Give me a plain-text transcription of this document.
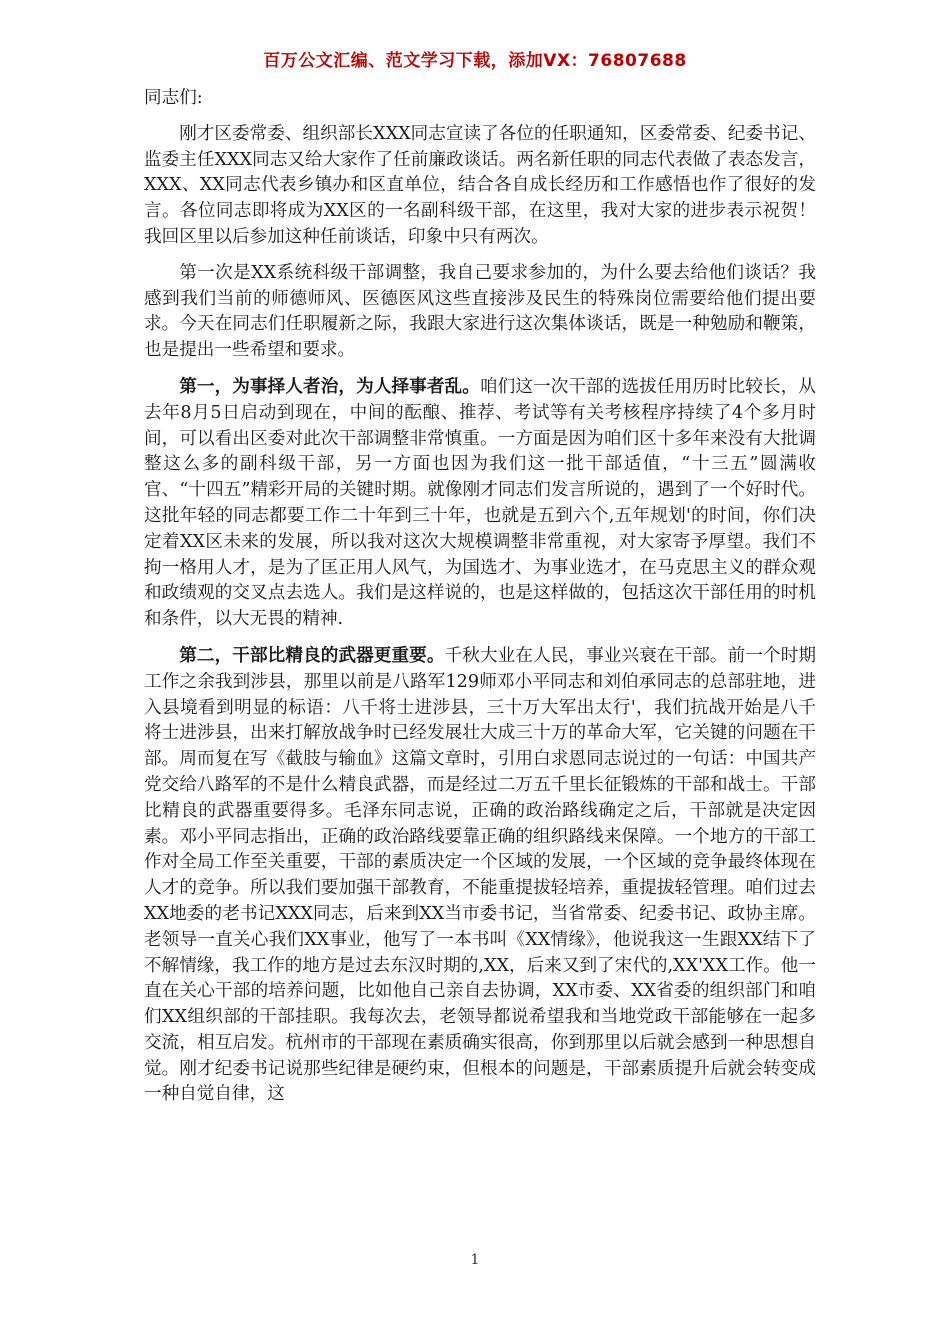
百万公文汇编、范文学习下载，添加VX：76807688

同志们:

刚才区委常委、组织部长XXX同志宣读了各位的任职通知，区委常委、纪委书记、监委主任XXX同志又给大家作了任前廉政谈话。两名新任职的同志代表做了表态发言，XXX、XX同志代表乡镇办和区直单位，结合各自成长经历和工作感悟也作了很好的发言。各位同志即将成为XX区的一名副科级干部，在这里，我对大家的进步表示祝贺！我回区里以后参加这种任前谈话，印象中只有两次。

第一次是XX系统科级干部调整，我自己要求参加的，为什么要去给他们谈话？我感到我们当前的师德师风、医德医风这些直接涉及民生的特殊岗位需要给他们提出要求。今天在同志们任职履新之际，我跟大家进行这次集体谈话，既是一种勉励和鞭策，也是提出一些希望和要求。

第一，为事择人者治，为人择事者乱。咱们这一次干部的选拔任用历时比较长，从去年8月5日启动到现在，中间的酝酿、推荐、考试等有关考核程序持续了4个多月时间，可以看出区委对此次干部调整非常慎重。一方面是因为咱们区十多年来没有大批调整这么多的副科级干部，另一方面也因为我们这一批干部适值，“十三五”圆满收官、“十四五”精彩开局的关键时期。就像刚才同志们发言所说的，遇到了一个好时代。这批年轻的同志都要工作二十年到三十年，也就是五到六个,五年规划'的时间，你们决定着XX区未来的发展，所以我对这次大规模调整非常重视，对大家寄予厚望。我们不拘一格用人才，是为了匡正用人风气，为国选才、为事业选才，在马克思主义的群众观和政绩观的交叉点去选人。我们是这样说的，也是这样做的，包括这次干部任用的时机和条件，以大无畏的精神.

第二，干部比精良的武器更重要。千秋大业在人民，事业兴衰在干部。前一个时期工作之余我到涉县，那里以前是八路军129师邓小平同志和刘伯承同志的总部驻地，进入县境看到明显的标语：八千将士进涉县，三十万大军出太行'，我们抗战开始是八千将士进涉县，出来打解放战争时已经发展壮大成三十万的革命大军，它关键的问题在干部。周而复在写《截肢与输血》这篇文章时，引用白求恩同志说过的一句话：中国共产党交给八路军的不是什么精良武器，而是经过二万五千里长征锻炼的干部和战士。干部比精良的武器重要得多。毛泽东同志说，正确的政治路线确定之后，干部就是决定因素。邓小平同志指出，正确的政治路线要靠正确的组织路线来保障。一个地方的干部工作对全局工作至关重要，干部的素质决定一个区域的发展，一个区域的竞争最终体现在人才的竞争。所以我们要加强干部教育，不能重提拔轻培养，重提拔轻管理。咱们过去XX地委的老书记XXX同志，后来到XX当市委书记，当省常委、纪委书记、政协主席。老领导一直关心我们XX事业，他写了一本书叫《XX情缘》，他说我这一生跟XX结下了不解情缘，我工作的地方是过去东汉时期的,XX，后来又到了宋代的,XX'XX工作。他一直在关心干部的培养问题，比如他自己亲自去协调，XX市委、XX省委的组织部门和咱们XX组织部的干部挂职。我每次去，老领导都说希望我和当地党政干部能够在一起多交流，相互启发。杭州市的干部现在素质确实很高，你到那里以后就会感到一种思想自觉。刚才纪委书记说那些纪律是硬约束，但根本的问题是，干部素质提升后就会转变成一种自觉自律，这

1
